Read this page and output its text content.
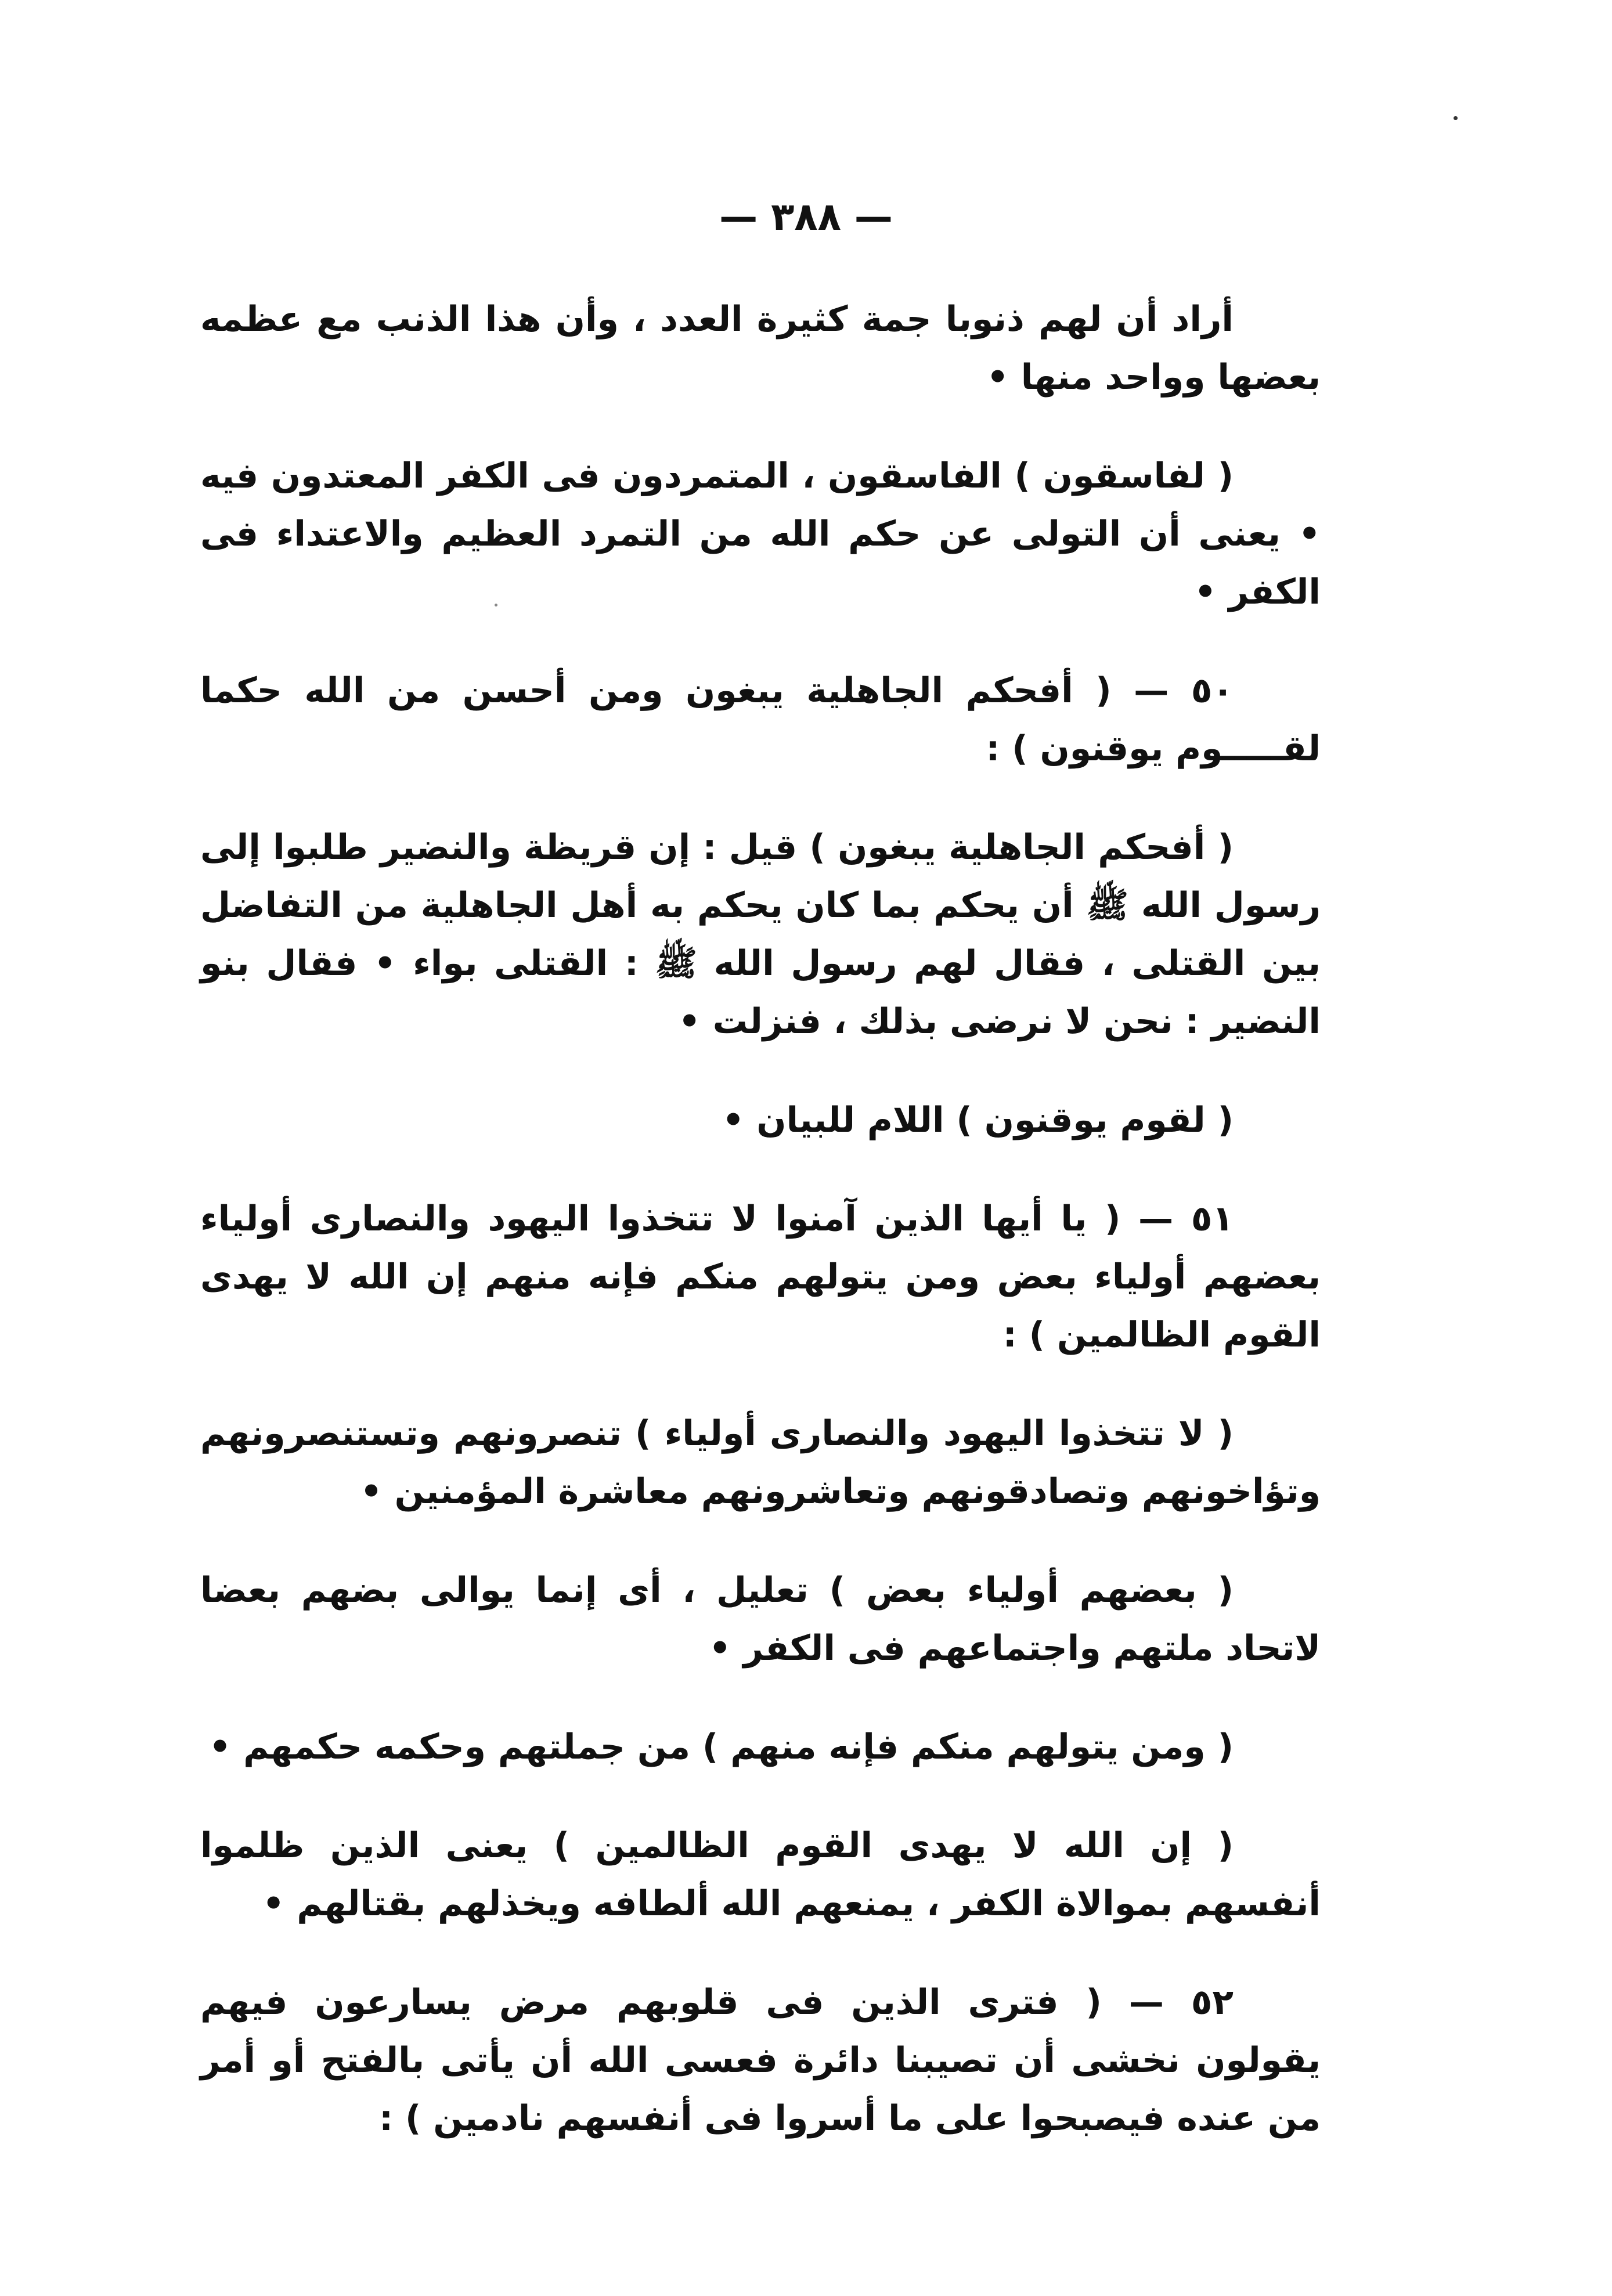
— ٣٨٨ —

أراد أن لهم ذنوبا جمة كثيرة العدد ، وأن هذا الذنب مع عظمه بعضها وواحد منها •

( لفاسقون ) الفاسقون ، المتمردون فى الكفر المعتدون فيه • يعنى أن التولى عن حكم الله من التمرد العظيم والاعتداء فى الكفر •

٥٠ — ( أفحكم الجاهلية يبغون ومن أحسن من الله حكما لقـــــوم يوقنون ) :

( أفحكم الجاهلية يبغون ) قيل : إن قريظة والنضير طلبوا إلى رسول الله ﷺ أن يحكم بما كان يحكم به أهل الجاهلية من التفاضل بين القتلى ، فقال لهم رسول الله ﷺ : القتلى بواء • فقال بنو النضير : نحن لا نرضى بذلك ، فنزلت •

( لقوم يوقنون ) اللام للبيان •

٥١ — ( يا أيها الذين آمنوا لا تتخذوا اليهود والنصارى أولياء بعضهم أولياء بعض ومن يتولهم منكم فإنه منهم إن الله لا يهدى القوم الظالمين ) :

( لا تتخذوا اليهود والنصارى أولياء ) تنصرونهم وتستنصرونهم وتؤاخونهم وتصادقونهم وتعاشرونهم معاشرة المؤمنين •

( بعضهم أولياء بعض ) تعليل ، أى إنما يوالى بضهم بعضا لاتحاد ملتهم واجتماعهم فى الكفر •

( ومن يتولهم منكم فإنه منهم ) من جملتهم وحكمه حكمهم •

( إن الله لا يهدى القوم الظالمين ) يعنى الذين ظلموا أنفسهم بموالاة الكفر ، يمنعهم الله ألطافه ويخذلهم بقتالهم •

٥٢ — ( فترى الذين فى قلوبهم مرض يسارعون فيهم يقولون نخشى أن تصيبنا دائرة فعسى الله أن يأتى بالفتح أو أمر من عنده فيصبحوا على ما أسروا فى أنفسهم نادمين ) :
